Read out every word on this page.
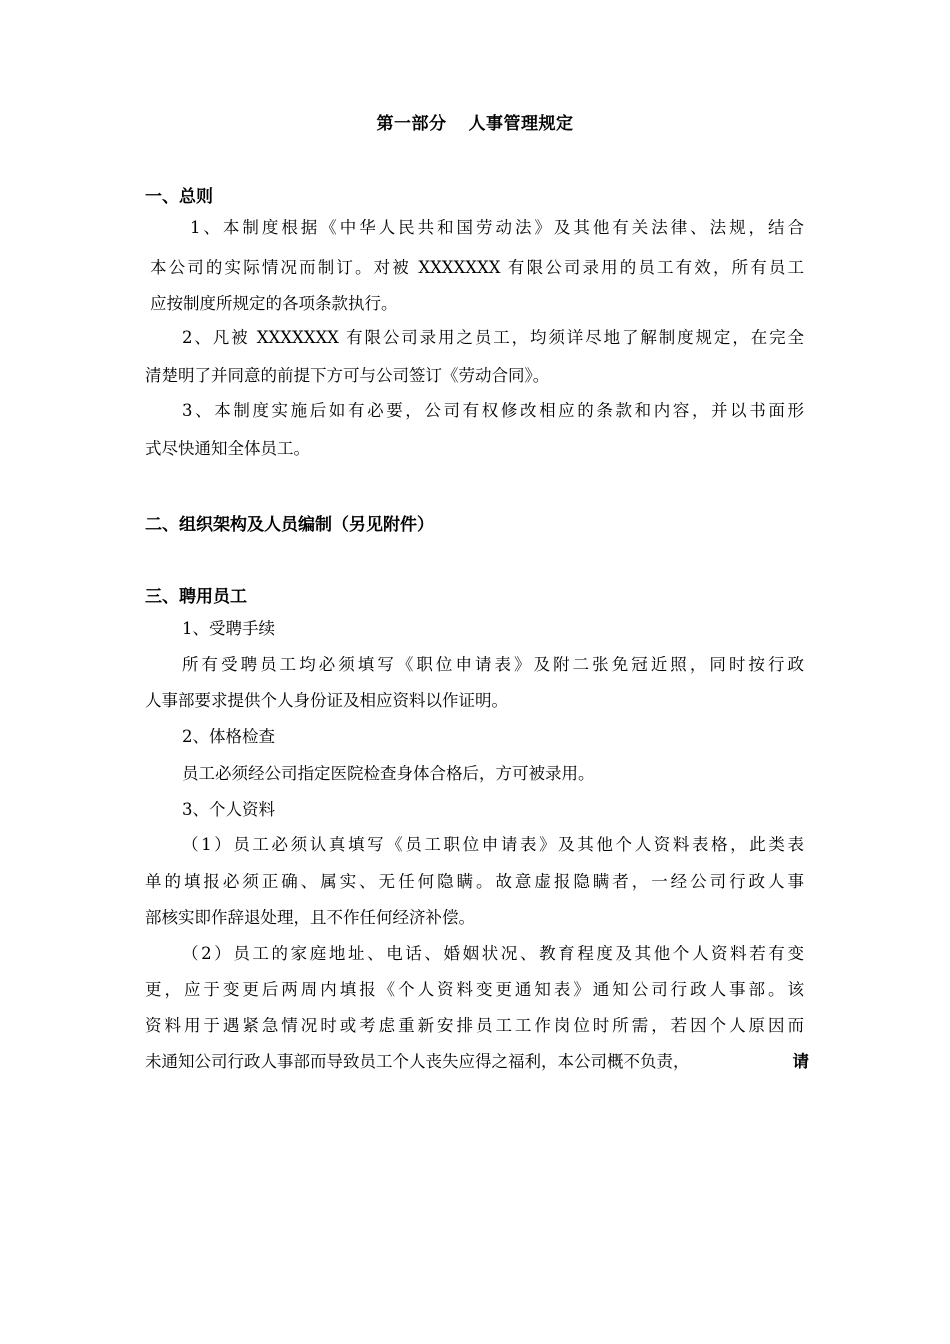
第一部分 人事管理规定
一、总则
1、本制度根据《中华人民共和国劳动法》及其他有关法律、法规，结合
本公司的实际情况而制订。对被 XXXXXXX 有限公司录用的员工有效，所有员工
应按制度所规定的各项条款执行。
2、凡被 XXXXXXX 有限公司录用之员工，均须详尽地了解制度规定，在完全
清楚明了并同意的前提下方可与公司签订《劳动合同》。
3、本制度实施后如有必要，公司有权修改相应的条款和内容，并以书面形
式尽快通知全体员工。
二、组织架构及人员编制（另见附件）
三、聘用员工
1、受聘手续
所有受聘员工均必须填写《职位申请表》及附二张免冠近照，同时按行政
人事部要求提供个人身份证及相应资料以作证明。
2、体格检查
员工必须经公司指定医院检查身体合格后，方可被录用。
3、个人资料
（1）员工必须认真填写《员工职位申请表》及其他个人资料表格，此类表
单的填报必须正确、属实、无任何隐瞒。故意虚报隐瞒者，一经公司行政人事
部核实即作辞退处理，且不作任何经济补偿。
（2）员工的家庭地址、电话、婚姻状况、教育程度及其他个人资料若有变
更，应于变更后两周内填报《个人资料变更通知表》通知公司行政人事部。该
资料用于遇紧急情况时或考虑重新安排员工工作岗位时所需，若因个人原因而
未通知公司行政人事部而导致员工个人丧失应得之福利，本公司概不负责，	请
